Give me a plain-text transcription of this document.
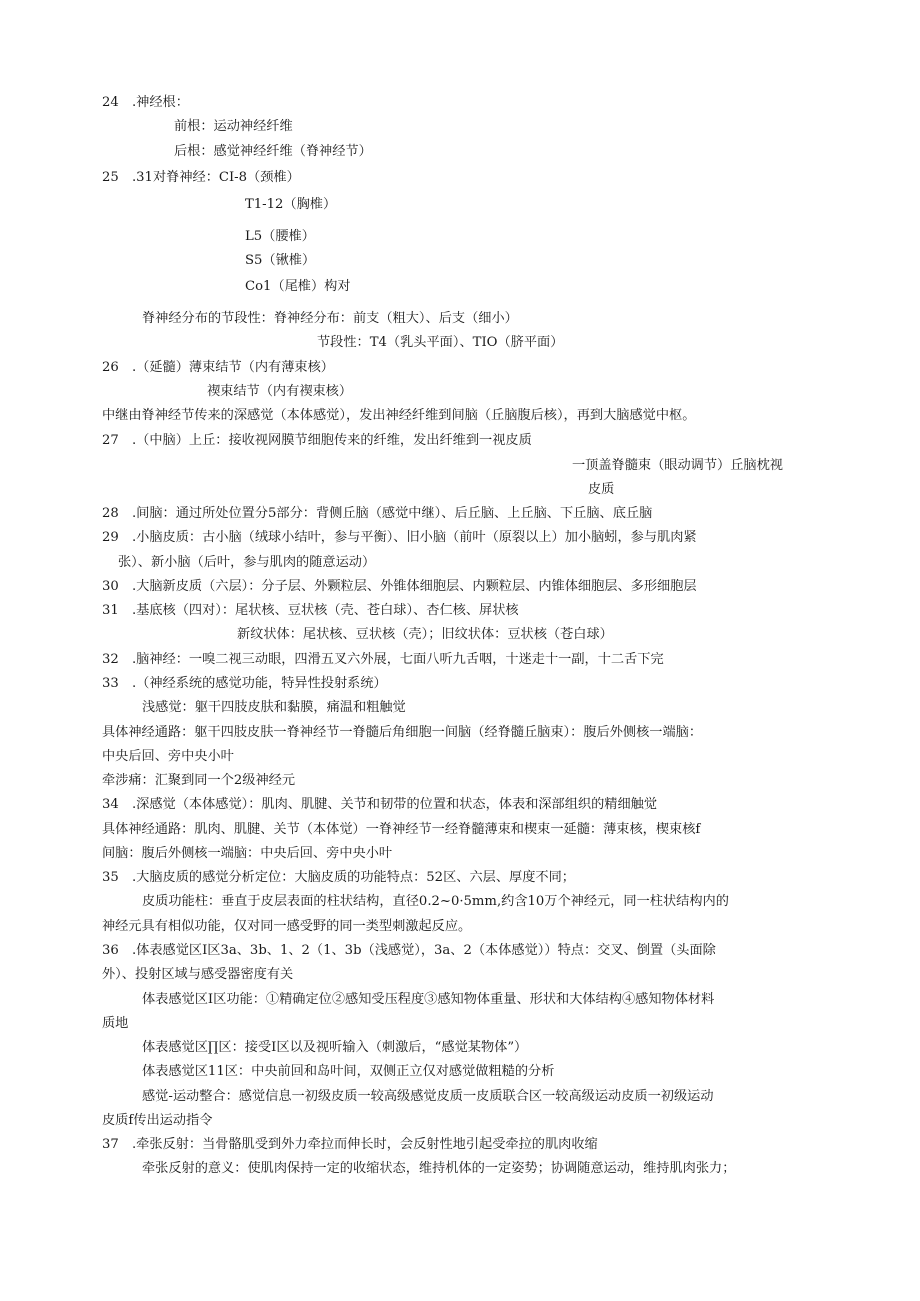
24　.神经根：
前根：运动神经纤维
后根：感觉神经纤维（脊神经节）
25　.31对脊神经：CI-8（颈椎）
T1-12（胸椎）
L5（腰椎）
S5（锹椎）
Co1（尾椎）构对
脊神经分布的节段性：脊神经分布：前支（粗大）、后支（细小）
节段性：T4（乳头平面）、TIO（脐平面）
26　.（延髓）薄束结节（内有薄束核）
禊束结节（内有禊束核）
中继由脊神经节传来的深感觉（本体感觉），发出神经纤维到间脑（丘脑腹后核），再到大脑感觉中枢。
27　.（中脑）上丘：接收视网膜节细胞传来的纤维，发出纤维到一视皮质
一顶盖脊髓束（眼动调节）丘脑枕视
皮质
28　.间脑：通过所处位置分5部分：背侧丘脑（感觉中继）、后丘脑、上丘脑、下丘脑、底丘脑
29　.小脑皮质：古小脑（绒球小结叶，参与平衡）、旧小脑（前叶（原裂以上）加小脑蚓，参与肌肉紧
张）、新小脑（后叶，参与肌肉的随意运动）
30　.大脑新皮质（六层）：分子层、外颗粒层、外锥体细胞层、内颗粒层、内锥体细胞层、多形细胞层
31　.基底核（四对）：尾状核、豆状核（壳、苍白球）、杏仁核、屏状核
新纹状体：尾状核、豆状核（壳）；旧纹状体：豆状核（苍白球）
32　.脑神经：一嗅二视三动眼，四滑五叉六外展，七面八听九舌咽，十迷走十一副，十二舌下完
33　.（神经系统的感觉功能，特异性投射系统）
浅感觉：躯干四肢皮肤和黏膜，痛温和粗触觉
具体神经通路：躯干四肢皮肤一脊神经节一脊髓后角细胞一间脑（经脊髓丘脑束）：腹后外侧核一端脑：
中央后回、旁中央小叶
牵涉痛：汇聚到同一个2级神经元
34　.深感觉（本体感觉）：肌肉、肌腱、关节和韧带的位置和状态，体表和深部组织的精细触觉
具体神经通路：肌肉、肌腱、关节（本体觉）一脊神经节一经脊髓薄束和楔束一延髓：薄束核，楔束核f
间脑：腹后外侧核一端脑：中央后回、旁中央小叶
35　.大脑皮质的感觉分析定位：大脑皮质的功能特点：52区、六层、厚度不同；
皮质功能柱：垂直于皮层表面的柱状结构，直径0.2~0·5mm,约含10万个神经元，同一柱状结构内的
神经元具有相似功能，仅对同一感受野的同一类型刺激起反应。
36　.体表感觉区I区3a、3b、1、2（1、3b（浅感觉），3a、2（本体感觉））特点：交叉、倒置（头面除
外）、投射区域与感受器密度有关
体表感觉区I区功能：①精确定位②感知受压程度③感知物体重量、形状和大体结构④感知物体材料
质地
体表感觉区∏区：接受I区以及视听输入（刺激后，“感觉某物体”）
体表感觉区11区：中央前回和岛叶间，双侧正立仅对感觉做粗糙的分析
感觉-运动整合：感觉信息一初级皮质一较高级感觉皮质一皮质联合区一较高级运动皮质一初级运动
皮质f传出运动指令
37　.牵张反射：当骨骼肌受到外力牵拉而伸长时，会反射性地引起受牵拉的肌肉收缩
牵张反射的意义：使肌肉保持一定的收缩状态，维持机体的一定姿势；协调随意运动，维持肌肉张力；
